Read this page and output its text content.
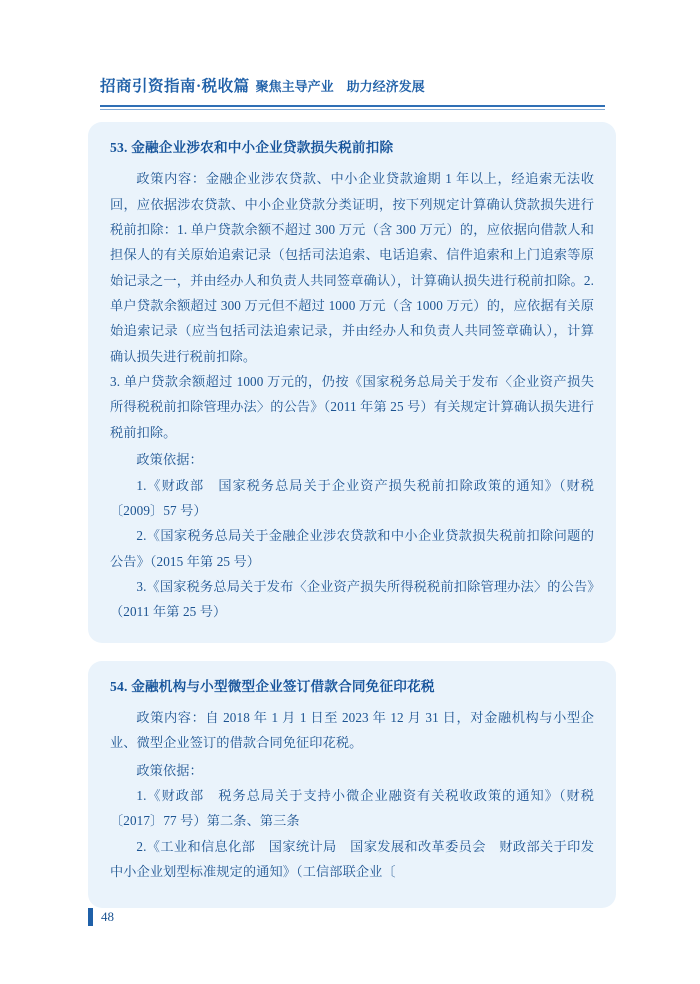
招商引资指南·税收篇 聚焦主导产业　助力经济发展
53. 金融企业涉农和中小企业贷款损失税前扣除

政策内容：金融企业涉农贷款、中小企业贷款逾期 1 年以上，经追索无法收回，应依据涉农贷款、中小企业贷款分类证明，按下列规定计算确认贷款损失进行税前扣除：1. 单户贷款余额不超过 300 万元（含 300 万元）的，应依据向借款人和担保人的有关原始追索记录（包括司法追索、电话追索、信件追索和上门追索等原始记录之一，并由经办人和负责人共同签章确认），计算确认损失进行税前扣除。2. 单户贷款余额超过 300 万元但不超过 1000 万元（含 1000 万元）的，应依据有关原始追索记录（应当包括司法追索记录，并由经办人和负责人共同签章确认），计算确认损失进行税前扣除。

3. 单户贷款余额超过 1000 万元的，仍按《国家税务总局关于发布〈企业资产损失所得税税前扣除管理办法〉的公告》（2011 年第 25 号）有关规定计算确认损失进行税前扣除。

政策依据：

1.《财政部　国家税务总局关于企业资产损失税前扣除政策的通知》（财税〔2009〕57 号）

2.《国家税务总局关于金融企业涉农贷款和中小企业贷款损失税前扣除问题的公告》（2015 年第 25 号）

3.《国家税务总局关于发布〈企业资产损失所得税税前扣除管理办法〉的公告》（2011 年第 25 号）

54. 金融机构与小型微型企业签订借款合同免征印花税

政策内容：自 2018 年 1 月 1 日至 2023 年 12 月 31 日，对金融机构与小型企业、微型企业签订的借款合同免征印花税。

政策依据：

1.《财政部　税务总局关于支持小微企业融资有关税收政策的通知》（财税〔2017〕77 号）第二条、第三条

2.《工业和信息化部　国家统计局　国家发展和改革委员会　财政部关于印发中小企业划型标准规定的通知》（工信部联企业〔

48
